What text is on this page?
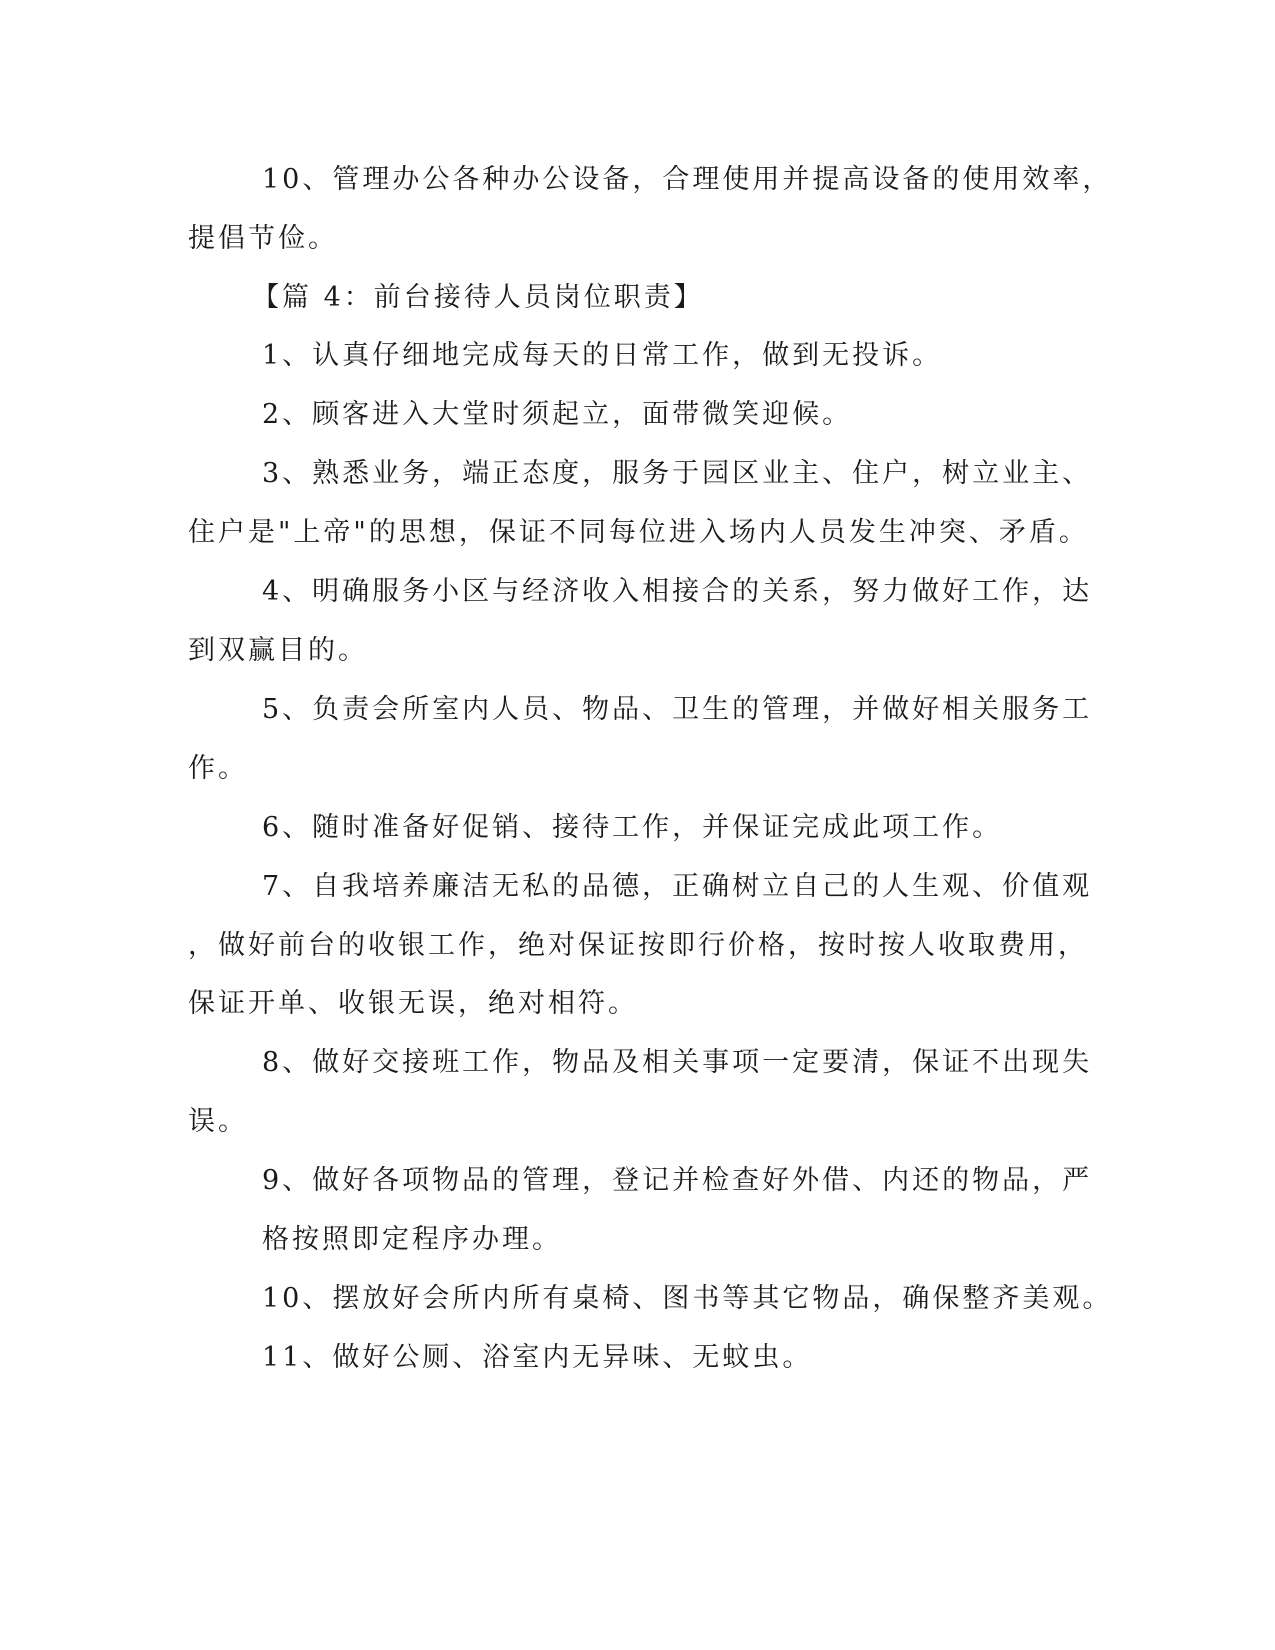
10、管理办公各种办公设备，合理使用并提高设备的使用效率，
提倡节俭。
【篇 4：前台接待人员岗位职责】
1、认真仔细地完成每天的日常工作，做到无投诉。
2、顾客进入大堂时须起立，面带微笑迎候。
3、熟悉业务，端正态度，服务于园区业主、住户，树立业主、
住户是"上帝"的思想，保证不同每位进入场内人员发生冲突、矛盾。
4、明确服务小区与经济收入相接合的关系，努力做好工作，达
到双赢目的。
5、负责会所室内人员、物品、卫生的管理，并做好相关服务工
作。
6、随时准备好促销、接待工作，并保证完成此项工作。
7、自我培养廉洁无私的品德，正确树立自己的人生观、价值观
，做好前台的收银工作，绝对保证按即行价格，按时按人收取费用，
保证开单、收银无误，绝对相符。
8、做好交接班工作，物品及相关事项一定要清，保证不出现失
误。
9、做好各项物品的管理，登记并检查好外借、内还的物品，严
格按照即定程序办理。
10、摆放好会所内所有桌椅、图书等其它物品，确保整齐美观。
11、做好公厕、浴室内无异味、无蚊虫。
